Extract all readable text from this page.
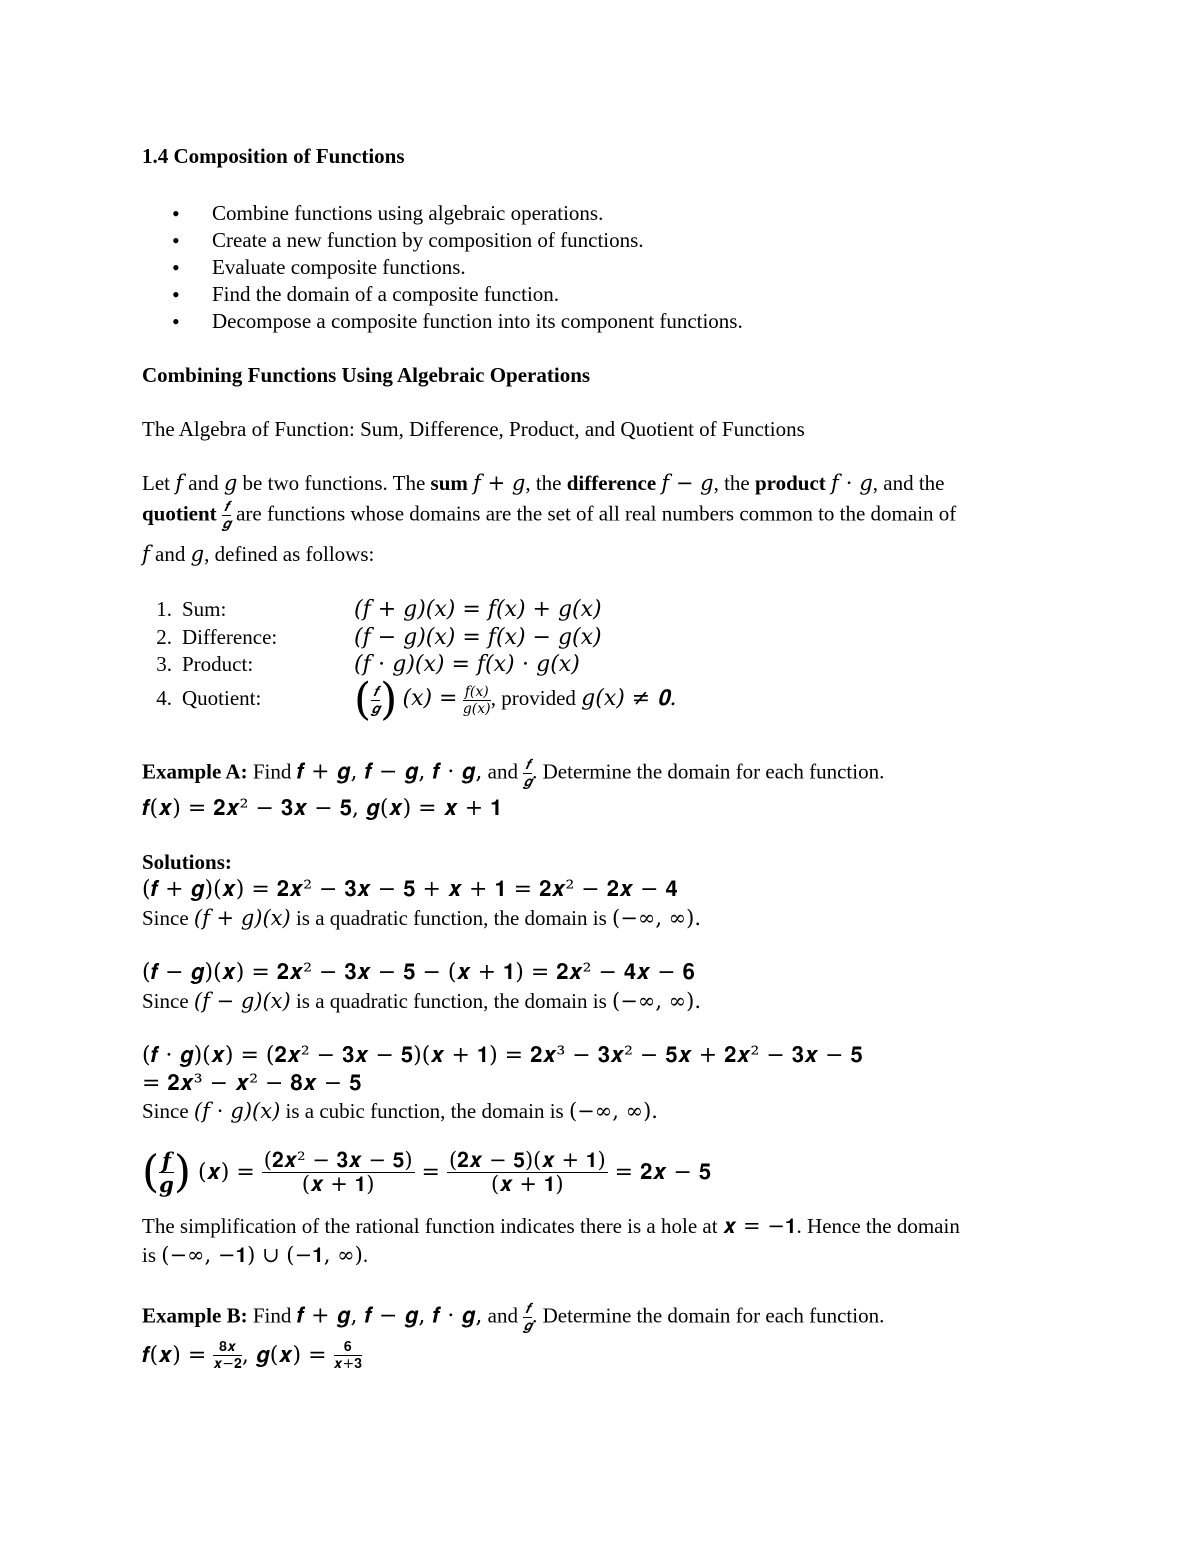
1.4 Composition of Functions
• Combine functions using algebraic operations.
• Create a new function by composition of functions.
• Evaluate composite functions.
• Find the domain of a composite function.
• Decompose a composite function into its component functions.
Combining Functions Using Algebraic Operations
The Algebra of Function: Sum, Difference, Product, and Quotient of Functions
Let 𝑓 and 𝑔 be two functions. The sum 𝑓 + 𝑔, the difference 𝑓 − 𝑔, the product 𝑓 ⋅ 𝑔, and the
quotient $\frac{\text{𝒇}}{\text{𝒈}}$ are functions whose domains are the set of all real numbers common to the domain of
𝑓 and 𝑔, defined as follows:
1. Sum:	(𝑓 + 𝑔)(𝑥) = 𝑓(𝑥) + 𝑔(𝑥)
2. Difference:	(𝑓 − 𝑔)(𝑥) = 𝑓(𝑥) − 𝑔(𝑥)
3. Product:	(𝑓 ⋅ 𝑔)(𝑥) = 𝑓(𝑥) ⋅ 𝑔(𝑥)
4. Quotient: ( $\frac{\text{𝒇}}{\text{𝒈}}$ ) (𝑥) = $\frac{\text{𝑓(𝑥)}}{\text{𝑔(𝑥)}}$ , provided 𝑔(𝑥) ≠ 𝟎.
Example A: Find 𝒇 + 𝒈, 𝒇 − 𝒈, 𝒇 ⋅ 𝒈, and $\frac{\text{𝒇}}{\text{𝒈}}$ . Determine the domain for each function.
𝒇(𝒙) = 𝟐𝒙² − 𝟑𝒙 − 𝟓, 𝒈(𝒙) = 𝒙 + 𝟏
Solutions:
(𝒇 + 𝒈)(𝒙) = 𝟐𝒙² − 𝟑𝒙 − 𝟓 + 𝒙 + 𝟏 = 𝟐𝒙² − 𝟐𝒙 − 𝟒
Since (𝑓 + 𝑔)(𝑥) is a quadratic function, the domain is (−∞, ∞).
(𝒇 − 𝒈)(𝒙) = 𝟐𝒙² − 𝟑𝒙 − 𝟓 − (𝒙 + 𝟏) = 𝟐𝒙² − 𝟒𝒙 − 𝟔
Since (𝑓 − 𝑔)(𝑥) is a quadratic function, the domain is (−∞, ∞).
(𝒇 ⋅ 𝒈)(𝒙) = (𝟐𝒙² − 𝟑𝒙 − 𝟓)(𝒙 + 𝟏) = 𝟐𝒙³ − 𝟑𝒙² − 𝟓𝒙 + 𝟐𝒙² − 𝟑𝒙 − 𝟓
= 𝟐𝒙³ − 𝒙² − 𝟖𝒙 − 𝟓
Since (𝑓 ⋅ 𝑔)(𝑥) is a cubic function, the domain is (−∞, ∞).
( $\frac{\text{𝒇}}{\text{𝒈}}$ ) (𝒙) = $\frac{\text{(𝟐𝒙² − 𝟑𝒙 − 𝟓)}}{\text{(𝒙 + 𝟏)}} = \frac{\text{(𝟐𝒙 − 𝟓)(𝒙 + 𝟏)}}{\text{(𝒙 + 𝟏)}}$ = 𝟐𝒙 − 𝟓
The simplification of the rational function indicates there is a hole at 𝒙 = −𝟏. Hence the domain
is (−∞, −𝟏) ∪ (−𝟏, ∞).
Example B: Find 𝒇 + 𝒈, 𝒇 − 𝒈, 𝒇 ⋅ 𝒈, and $\frac{\text{𝒇}}{\text{𝒈}}$ . Determine the domain for each function.
𝒇(𝒙) = $\frac{\text{𝟖𝒙}}{\text{𝒙−𝟐}}$ , 𝒈(𝒙) = $\frac{𝟔}{\text{𝒙+𝟑}}$
